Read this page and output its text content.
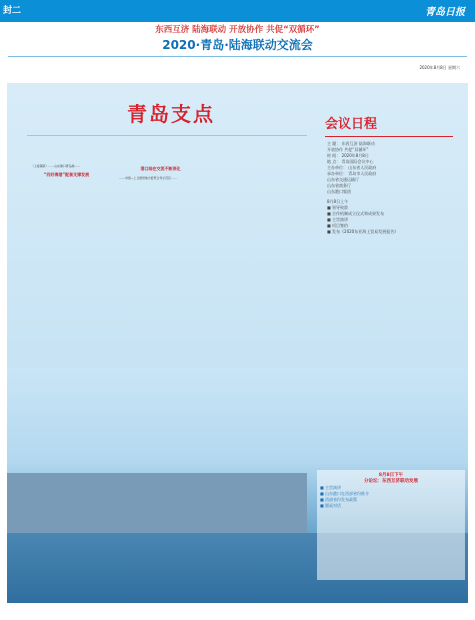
封二	青岛日报
东西互济 陆海联动 开放协作 共促“双循环”
2020·青岛·陆海联动交流会
2020年8月8日 星期六
青岛支点

（上接第版）……山东港口青岛港……

“四好海港”配套支撑发展
港口陆在交流不断深化

……中国—上合组织地方经贸合作示范区……

会议日程
主 题： 东西互济 陆海联动
开放协作 共促“双循环”
时 间： 2020年8月8日
地 点： 青岛国际会议中心
主办单位： 山东省人民政府
承办单位： 青岛市人民政府
山东省交通运输厅
山东省商务厅
山东港口集团
8月8日上午
■ 领导致辞
■ 合作机制成立仪式和成果发布
■ 主旨演讲
■ 项目签约
■ 发布《2020东亚海上贸易发展报告》
8月8日下午
分论坛：东西互济联动发展
■ 主旨演讲
■ 山东港口在西部省份推介
■ 西部省份发布政策
■ 圆桌对话
